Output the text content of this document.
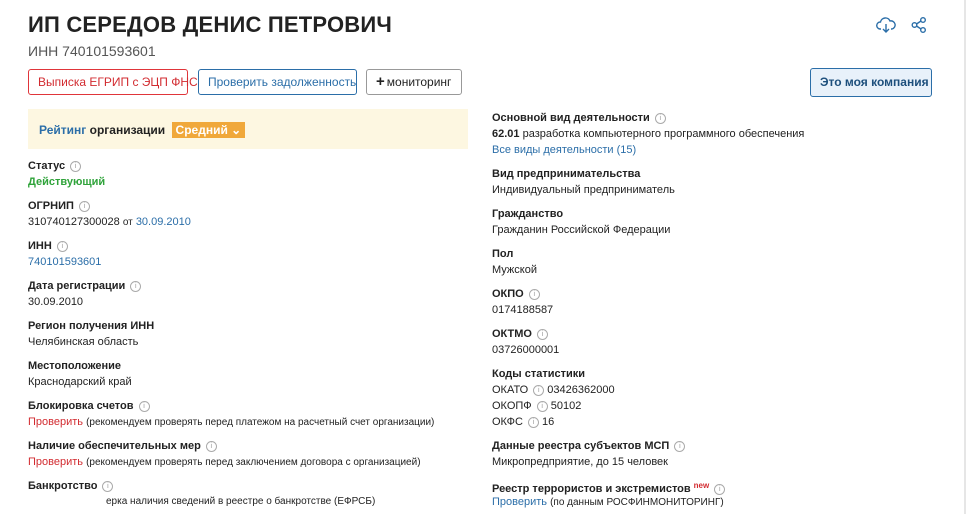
ИП СЕРЕДОВ ДЕНИС ПЕТРОВИЧ
ИНН 740101593601
Выписка ЕГРИП с ЭЦП ФНС Проверить задолженность	+ мониторинг	Это моя компания
Рейтинг организации Средний ⌄
Статус i
Действующий
ОГРНИП i
310740127300028 от 30.09.2010
ИНН i
740101593601
Дата регистрации i
30.09.2010
Регион получения ИНН
Челябинская область
Местоположение
Краснодарский край
Блокировка счетов i
Проверить (рекомендуем проверять перед платежом на расчетный счет организации)
Наличие обеспечительных мер i
Проверить (рекомендуем проверять перед заключением договора с организацией)
Банкротство i
ерка наличия сведений в реестре о банкротстве (ЕФРСБ)
Основной вид деятельности i
62.01 разработка компьютерного программного обеспечения
Все виды деятельности (15)
Вид предпринимательства
Индивидуальный предприниматель
Гражданство
Гражданин Российской Федерации
Пол
Мужской
ОКПО i
0174188587
ОКТМО i
03726000001
Коды статистики
ОКАТО i 03426362000
ОКОПФ i 50102
ОКФС i 16
Данные реестра субъектов МСП i
Микропредприятие, до 15 человек
Реестр террористов и экстремистов $^{new}$ i
Проверить (по данным РОСФИНМОНИТОРИНГ)
